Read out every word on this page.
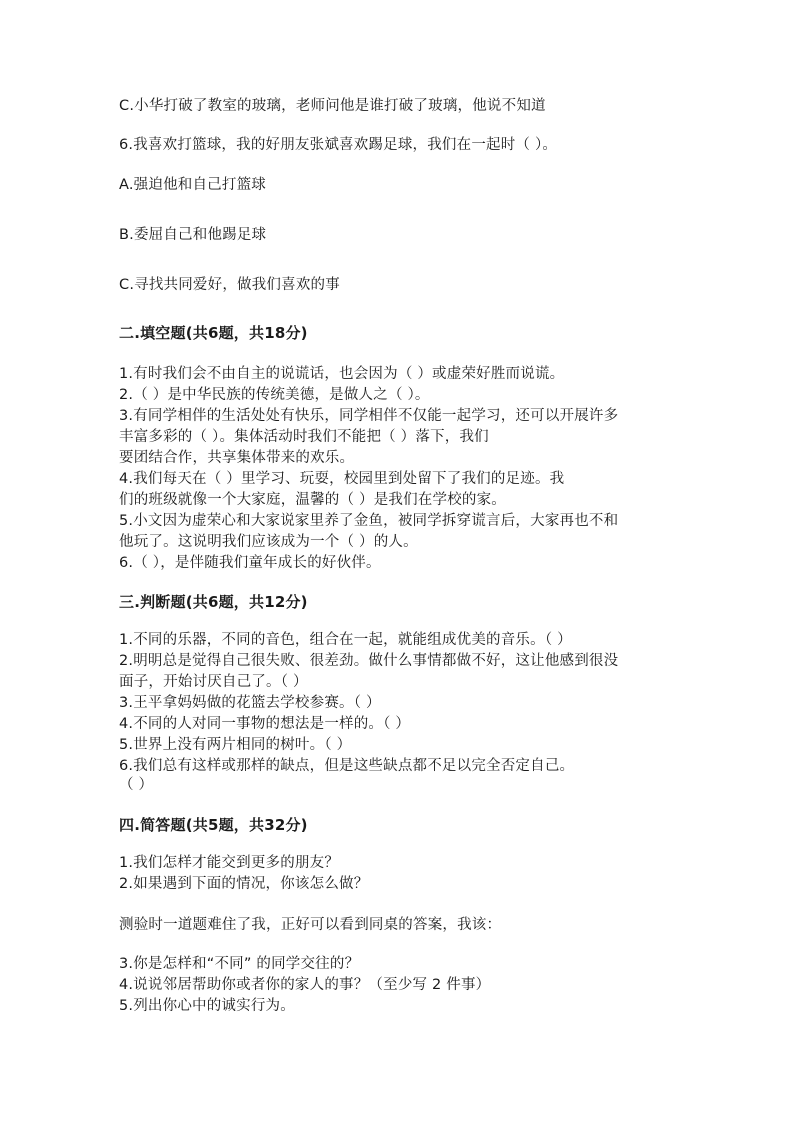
C.小华打破了教室的玻璃，老师问他是谁打破了玻璃，他说不知道
6.我喜欢打篮球，我的好朋友张斌喜欢踢足球，我们在一起时（ ）。
A.强迫他和自己打篮球
B.委屈自己和他踢足球
C.寻找共同爱好，做我们喜欢的事
二.填空题(共6题，共18分)
1.有时我们会不由自主的说谎话，也会因为（ ）或虚荣好胜而说谎。
2.（ ）是中华民族的传统美德，是做人之（ ）。
3.有同学相伴的生活处处有快乐，同学相伴不仅能一起学习，还可以开展许多
丰富多彩的（ ）。集体活动时我们不能把（ ）落下，我们
要团结合作，共享集体带来的欢乐。
4.我们每天在（ ）里学习、玩耍，校园里到处留下了我们的足迹。我
们的班级就像一个大家庭，温馨的（ ）是我们在学校的家。
5.小文因为虚荣心和大家说家里养了金鱼，被同学拆穿谎言后，大家再也不和
他玩了。这说明我们应该成为一个（ ）的人。
6.（ ），是伴随我们童年成长的好伙伴。
三.判断题(共6题，共12分)
1.不同的乐器，不同的音色，组合在一起，就能组成优美的音乐。（ ）
2.明明总是觉得自己很失败、很差劲。做什么事情都做不好，这让他感到很没
面子，开始讨厌自己了。（ ）
3.王平拿妈妈做的花篮去学校参赛。（ ）
4.不同的人对同一事物的想法是一样的。（ ）
5.世界上没有两片相同的树叶。（ ）
6.我们总有这样或那样的缺点，但是这些缺点都不足以完全否定自己。
（ ）
四.简答题(共5题，共32分)
1.我们怎样才能交到更多的朋友？
2.如果遇到下面的情况，你该怎么做？
测验时一道题难住了我，正好可以看到同桌的答案，我该：
3.你是怎样和“不同” 的同学交往的？
4.说说邻居帮助你或者你的家人的事？（至少写 2 件事）
5.列出你心中的诚实行为。
